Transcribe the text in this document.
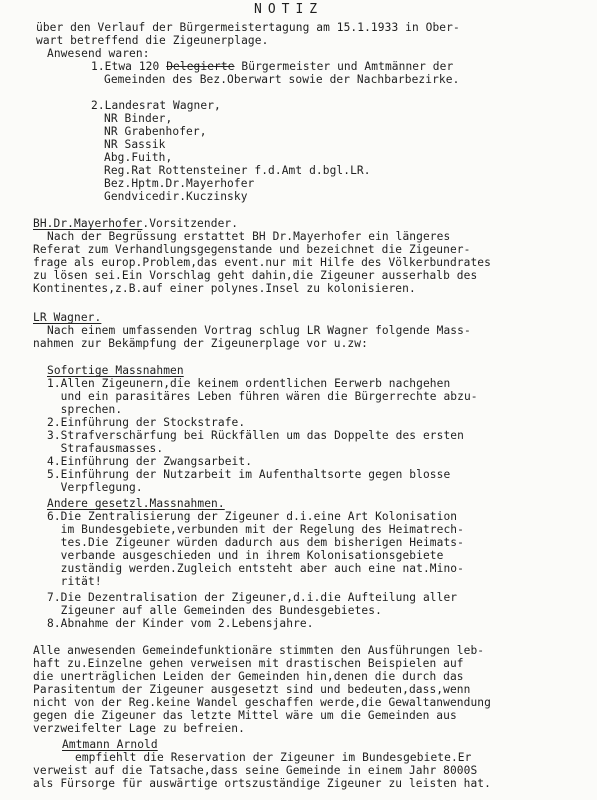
NOTIZ
über den Verlauf der Bürgermeistertagung am 15.1.1933 in Ober-
wart betreffend die Zigeunerplage.
Anwesend waren:
1.Etwa 120 Delegierte Bürgermeister und Amtmänner der
Gemeinden des Bez.Oberwart sowie der Nachbarbezirke.
2.Landesrat Wagner,
NR Binder,
NR Grabenhofer,
NR Sassik
Abg.Fuith,
Reg.Rat Rottensteiner f.d.Amt d.bgl.LR.
Bez.Hptm.Dr.Mayerhofer
Gendvicedir.Kuczinsky
BH.Dr.Mayerhofer.Vorsitzender.
Nach der Begrüssung erstattet BH Dr.Mayerhofer ein längeres
Referat zum Verhandlungsgegenstande und bezeichnet die Zigeuner-
frage als europ.Problem,das event.nur mit Hilfe des Völkerbundrates
zu lösen sei.Ein Vorschlag geht dahin,die Zigeuner ausserhalb des
Kontinentes,z.B.auf einer polynes.Insel zu kolonisieren.
LR Wagner.
Nach einem umfassenden Vortrag schlug LR Wagner folgende Mass-
nahmen zur Bekämpfung der Zigeunerplage vor u.zw:
Sofortige Massnahmen
1.Allen Zigeunern,die keinem ordentlichen Eerwerb nachgehen
und ein parasitäres Leben führen wären die Bürgerrechte abzu-
sprechen.
2.Einführung der Stockstrafe.
3.Strafverschärfung bei Rückfällen um das Doppelte des ersten
Strafausmasses.
4.Einführung der Zwangsarbeit.
5.Einführung der Nutzarbeit im Aufenthaltsorte gegen blosse
Verpflegung.
Andere gesetzl.Massnahmen.
6.Die Zentralisierung der Zigeuner d.i.eine Art Kolonisation
im Bundesgebiete,verbunden mit der Regelung des Heimatrech-
tes.Die Zigeuner würden dadurch aus dem bisherigen Heimats-
verbande ausgeschieden und in ihrem Kolonisationsgebiete
zuständig werden.Zugleich entsteht aber auch eine nat.Mino-
rität!
7.Die Dezentralisation der Zigeuner,d.i.die Aufteilung aller
Zigeuner auf alle Gemeinden des Bundesgebietes.
8.Abnahme der Kinder vom 2.Lebensjahre.
Alle anwesenden Gemeindefunktionäre stimmten den Ausführungen leb-
haft zu.Einzelne gehen verweisen mit drastischen Beispielen auf
die unerträglichen Leiden der Gemeinden hin,denen die durch das
Parasitentum der Zigeuner ausgesetzt sind und bedeuten,dass,wenn
nicht von der Reg.keine Wandel geschaffen werde,die Gewaltanwendung
gegen die Zigeuner das letzte Mittel wäre um die Gemeinden aus
verzweifelter Lage zu befreien.
Amtmann Arnold
empfiehlt die Reservation der Zigeuner im Bundesgebiete.Er
verweist auf die Tatsache,dass seine Gemeinde in einem Jahr 8000S
als Fürsorge für auswärtige ortszuständige Zigeuner zu leisten hat.
